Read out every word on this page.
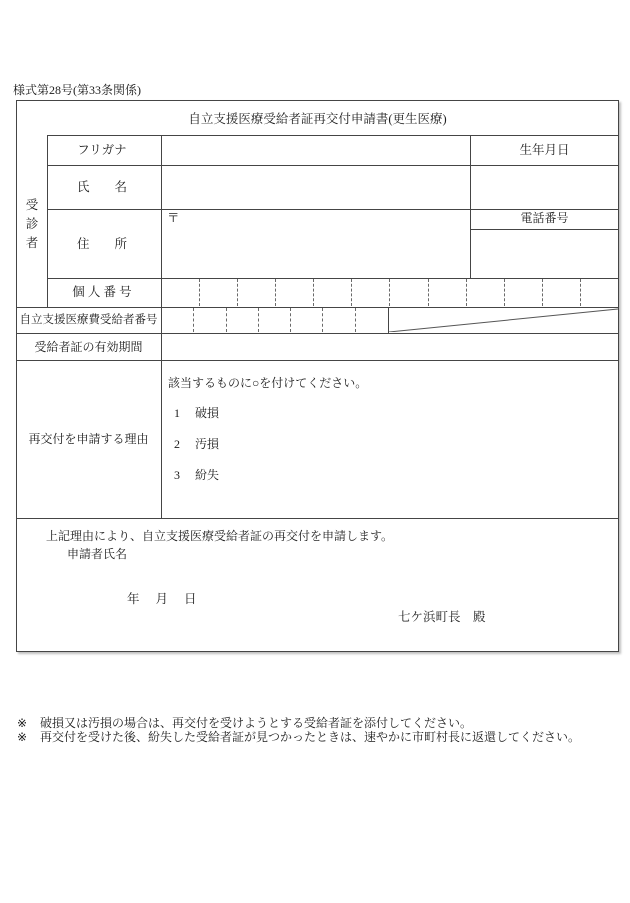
様式第28号(第33条関係)
自立支援医療受給者証再交付申請書(更生医療)
受
診
者
フリガナ
氏　　名
住　　所
個 人 番 号
生年月日
電話番号
〒
自立支援医療費受給者番号
受給者証の有効期間
再交付を申請する理由
該当するものに○を付けてください。
1 破損
2 汚損
3 紛失
上記理由により、自立支援医療受給者証の再交付を申請します。
申請者氏名
年 月 日
七ケ浜町長　殿
※ 破損又は汚損の場合は、再交付を受けようとする受給者証を添付してください。
※ 再交付を受けた後、紛失した受給者証が見つかったときは、速やかに市町村長に返還してください。
